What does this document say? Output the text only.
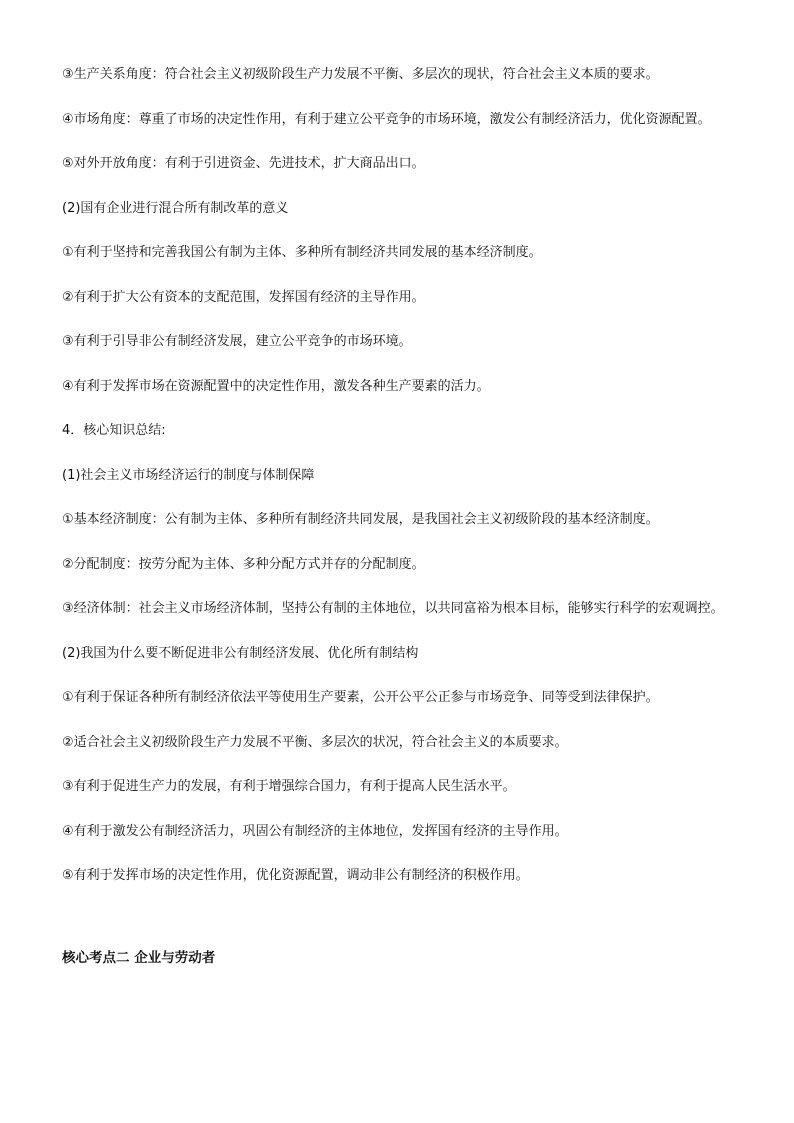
③生产关系角度：符合社会主义初级阶段生产力发展不平衡、多层次的现状，符合社会主义本质的要求。

④市场角度：尊重了市场的决定性作用，有利于建立公平竞争的市场环境，激发公有制经济活力，优化资源配置。

⑤对外开放角度：有利于引进资金、先进技术，扩大商品出口。

(2)国有企业进行混合所有制改革的意义

①有利于坚持和完善我国公有制为主体、多种所有制经济共同发展的基本经济制度。

②有利于扩大公有资本的支配范围，发挥国有经济的主导作用。

③有利于引导非公有制经济发展，建立公平竞争的市场环境。

④有利于发挥市场在资源配置中的决定性作用，激发各种生产要素的活力。

4．核心知识总结:

(1)社会主义市场经济运行的制度与体制保障

①基本经济制度：公有制为主体、多种所有制经济共同发展，是我国社会主义初级阶段的基本经济制度。

②分配制度：按劳分配为主体、多种分配方式并存的分配制度。

③经济体制：社会主义市场经济体制，坚持公有制的主体地位，以共同富裕为根本目标，能够实行科学的宏观调控。

(2)我国为什么要不断促进非公有制经济发展、优化所有制结构

①有利于保证各种所有制经济依法平等使用生产要素，公开公平公正参与市场竞争、同等受到法律保护。

②适合社会主义初级阶段生产力发展不平衡、多层次的状况，符合社会主义的本质要求。

③有利于促进生产力的发展，有利于增强综合国力，有利于提高人民生活水平。

④有利于激发公有制经济活力，巩固公有制经济的主体地位，发挥国有经济的主导作用。

⑤有利于发挥市场的决定性作用，优化资源配置，调动非公有制经济的积极作用。

核心考点二 企业与劳动者
